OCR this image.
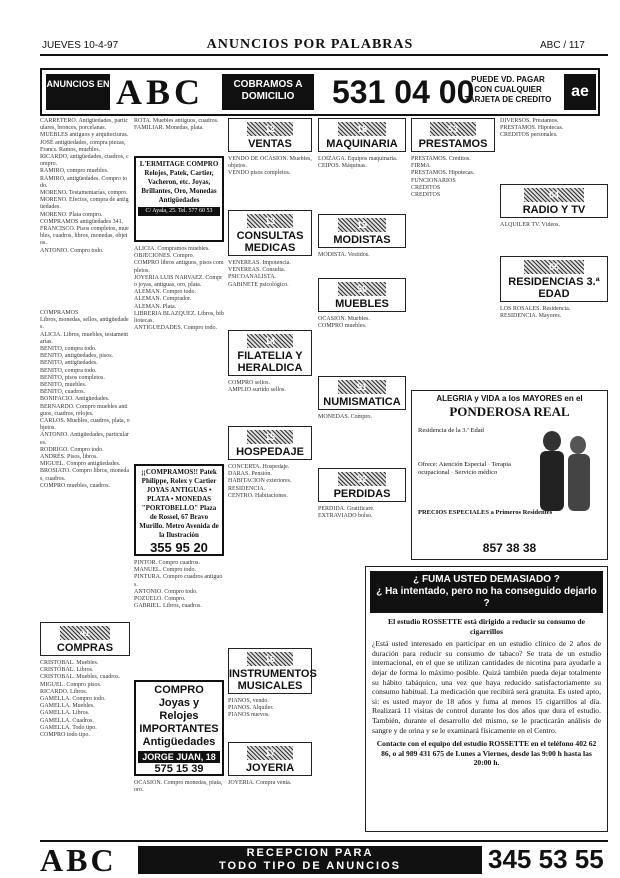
JUEVES 10-4-97	ANUNCIOS POR PALABRAS	ABC / 117
ANUNCIOS EN ABC	COBRAMOS A DOMICILIO	531 04 00
PUEDE VD. PAGAR CON CUALQUIER TARJETA DE CREDITO	ae
CARRETERO. Antigüedades, particulares, bronces, porcelanas.
MUEBLES antiguos y arquitecturas.
JOSÉ antigüedades, compra piezas, Francs. Ramos, muebles.
RICARDO, antigüedades, cuadros, compro.
RAMIRO, compro muebles.
RAMIRO, antigüedades. Compro todo.
MORENO. Testamentarías, compro.
MORENO. Efectos, compra de antigüedades.
MORENO. Plata compro.
COMPRAMOS antigüedades 341.
FRANCISCO. Pisos completos, muebles, cuadros, libros, monedas, objetos.
ANTONIO. Compro todo.
COMPRAMOS
Libros, monedas, sellos, antigüedades.
ALICIA. Libros, muebles, testamentarías.
BENITO, compra todo.
BENITO, antigüedades, pisos.
BENITO, antigüedades.
BENITO, compra todo.
BENITO, pisos completos.
BENITO, muebles.
BENITO, cuadros.
BONIFACIO. Antigüedades.
BERNARDO. Compro muebles antiguos, cuadros, relojes.
CARLOS. Muebles, cuadros, plata, objetos.
ANTONIO. Antigüedades, particulares.
RODRIGO. Compro todo.
ANDRÉS. Pisos, libros.
MIGUEL. Compro antigüedades.
BROSIATO. Compro libros, monedas, cuadros.
COMPRO muebles, cuadros.
41
COMPRAS
CRISTOBAL. Muebles.
CRISTÓBAL. Libros.
CRISTOBAL. Muebles, cuadros.
MIGUEL. Compro pisos.
RICARDO. Libros.
GAMELLA. Compro todo.
GAMELLA. Muebles.
GAMELLA. Libros.
GAMELLA. Cuadros.
GAMELLA. Todo tipo.
COMPRO todo tipo.
ROTA. Muebles antiguos, cuadros.
FAMILIAR. Monedas, plata.
L'ERMITAGE COMPRO Relojes, Patek, Cartier, Vacheron, etc. Joyas, Brillantes, Oro, Monedas Antigüedades
C/ Ayala, 25. Tel. 577 60 53
ALICIA. Compramos muebles.
OBJECIONES. Compro.
COMPRO libros antiguos, pisos completos.
JOYERIA LUIS NARVAEZ. Compro joyas, antiguas, oro, plata.
ALEMAN. Compro todo.
ALEMAN. Comprador.
ALEMAN. Plata.
LIBRERIA BLAZQUEZ. Libros, bibliotecas.
ANTIGUEDADES. Compro todo.
¡¡COMPRAMOS!! Patek Philippe, Rolex y Cartier JOYAS ANTIGUAS • PLATA • MONEDAS "PORTOBELLO" Plaza de Rossel, 67 Bravo Murillo. Metro Avenida de la Ilustración
355 95 20
PINTOR. Compro cuadros.
MANUEL. Compro todo.
PINTURA. Compro cuadros antiguos.
ANTONIO. Compro todo.
POZUELO. Compro.
GABRIEL. Libros, cuadros.
COMPRO Joyas y Relojes IMPORTANTES Antigüedades
JORGE JUAN, 18
575 15 39
OCASION. Compro monedas, plata, oro.
12
VENTAS
VENDO DE OCASION. Muebles, objetos.
VENDO pisos completos.
13
CONSULTAS MEDICAS
VENEREAS. Impotencia.
VENEREAS. Consulta.
PSICOANALISTA.
GABINETE psicológico.
14
FILATELIA Y HERALDICA
COMPRO sellos.
AMPLIO surtido sellos.
15
HOSPEDAJE
CONCERTA. Hospedaje.
DARAS. Pensión.
HABITACION exteriores.
RESIDENCIA.
CENTRO. Habitaciones.
16
INSTRUMENTOS MUSICALES
PIANOS, vendo.
PIANOS. Alquiler.
PIANOS nuevos.
17
JOYERIA
JOYERIA. Compra venta.
18
MAQUINARIA
LOIZAGA. Equipos maquinaria.
CEIPOS. Máquinas.
19
MODISTAS
MODISTA. Vestidos.
50
MUEBLES
OCASION. Muebles.
COMPRO muebles.
51
NUMISMATICA
MONEDAS. Compro.
52
PERDIDAS
PERDIDA. Gratificaré.
EXTRAVIADO bolso.
53
PRESTAMOS
DIVERSOS. Préstamos.
PRESTAMOS. Hipotecas.
CREDITOS personales.
PRESTAMOS. Créditos.
FIRMA
PRESTAMOS. Hipotecas.
FUNCIONARIOS
CREDITOS
CREDITOS	54
RADIO Y TV
ALQUILER TV. Vídeos.
55
RESIDENCIAS 3.ª EDAD
LOS ROSALES. Residencia.
RESIDENCIA. Mayores.
ALEGRIA y VIDA a los MAYORES en el
PONDEROSA REAL
Residencia de la 3.ª Edad
Ofrece: Atención Especial · Terapia ocupacional · Servicio médico
PRECIOS ESPECIALES a Primeros Residentes
857 38 38
¿ FUMA USTED DEMASIADO ?
¿ Ha intentado, pero no ha conseguido dejarlo ?
El estudio ROSSETTE está dirigido a reducir su consumo de cigarrillos
¿Está usted interesado en participar en un estudio clínico de 2 años de duración para reducir su consumo de tabaco? Se trata de un estudio internacional, en el que se utilizan cantidades de nicotina para ayudarle a dejar de forma lo máximo posible. Quizá también pueda dejar totalmente su hábito tabáquico, una vez que haya reducido satisfactoriamente su consumo habitual. La medicación que recibirá será gratuita. Es usted apto, si: es usted mayor de 18 años y fuma al menos 15 cigarrillos al día. Realizará 11 visitas de control durante los dos años que dura el estudio. También, durante el desarrollo del mismo, se le practicarán análisis de sangre y de orina y se le examinará físicamente en el Centro.
Contacte con el equipo del estudio ROSSETTE en el teléfono 402 62 86, o al 989 431 675 de Lunes a Viernes, desde las 9:00 h hasta las 20:00 h.
ABC	RECEPCION PARA
TODO TIPO DE ANUNCIOS	345 53 55
